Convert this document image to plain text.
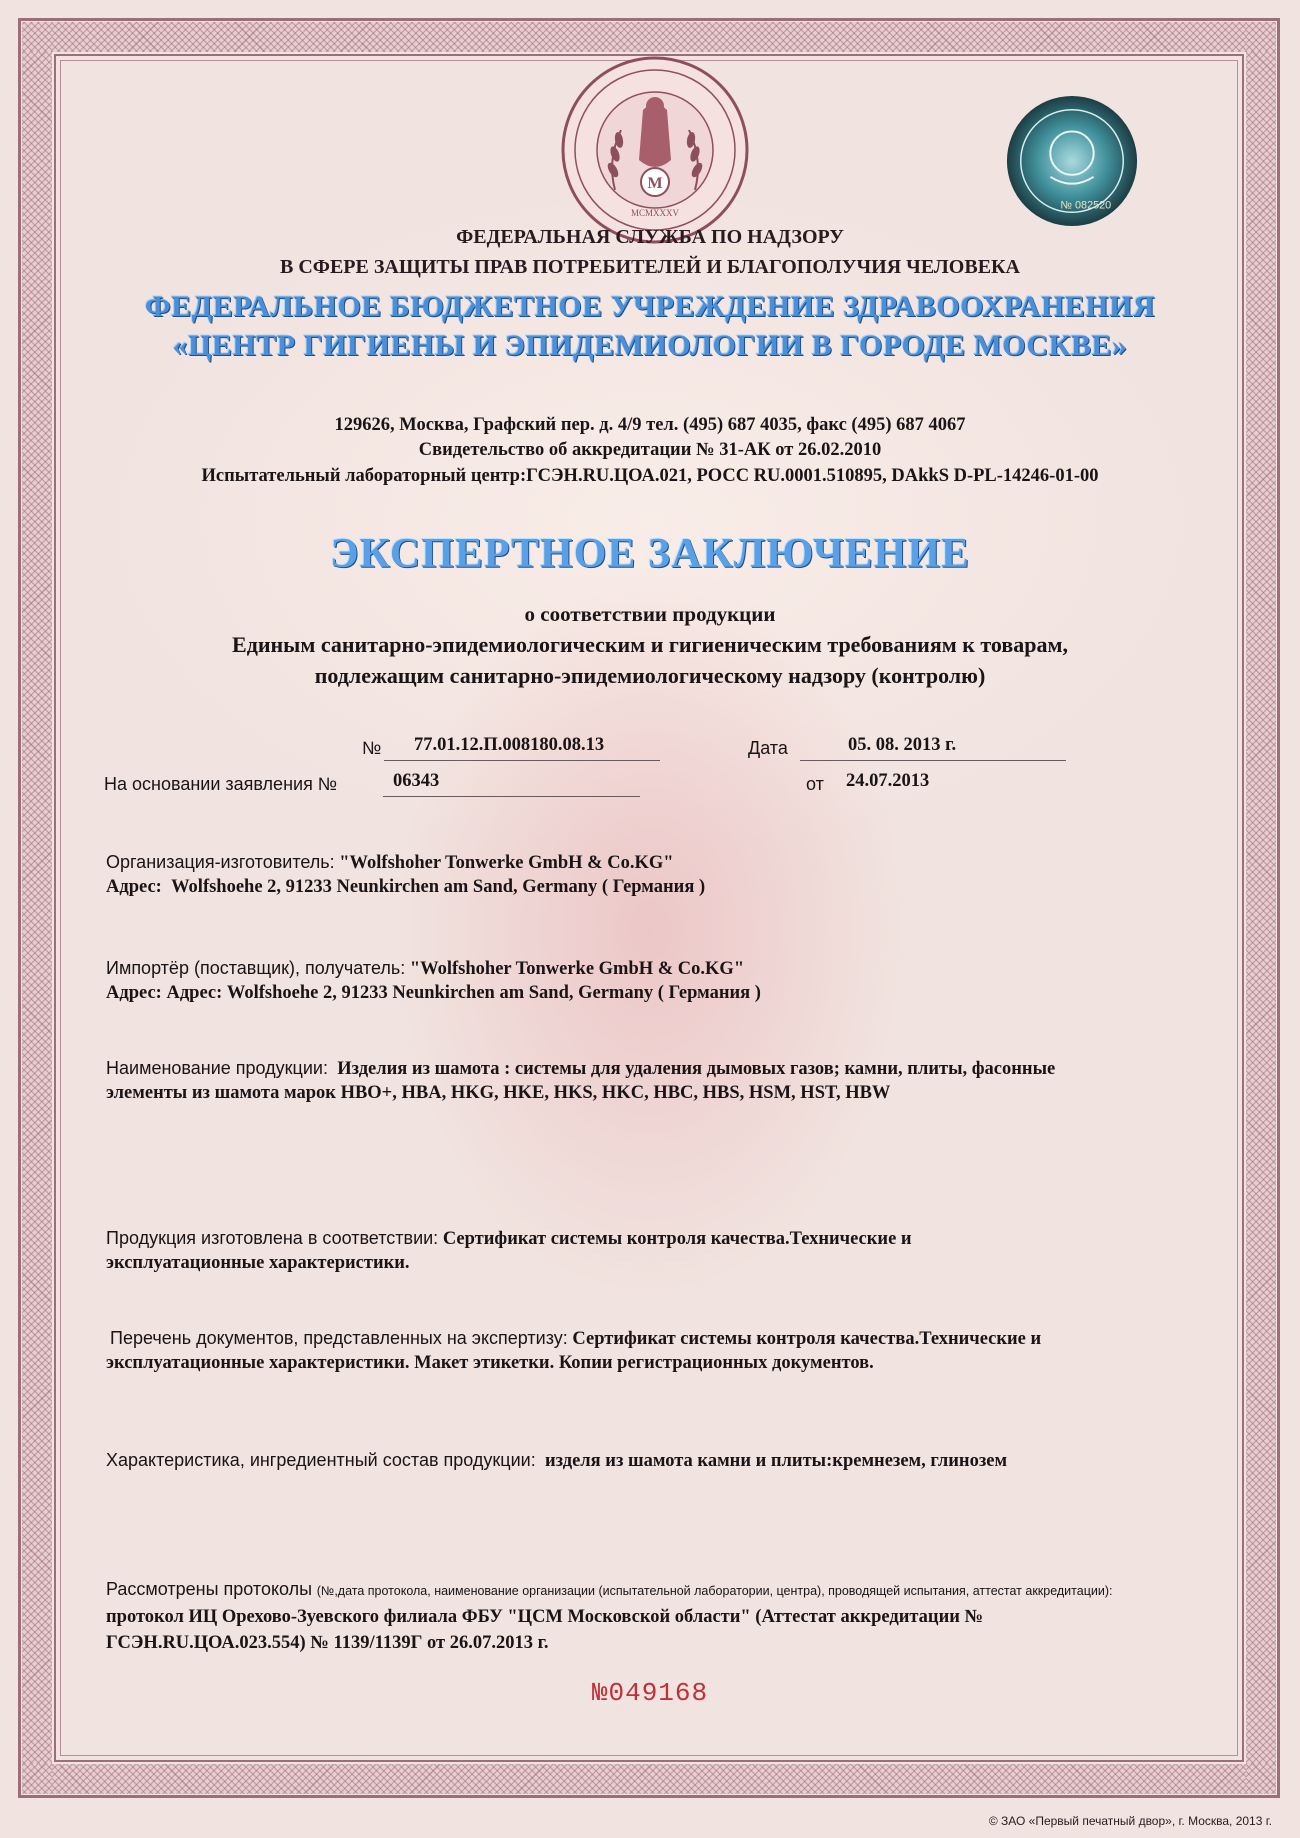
М
MCMXXXV
№ 082520
ФЕДЕРАЛЬНАЯ СЛУЖБА ПО НАДЗОРУ
В СФЕРЕ ЗАЩИТЫ ПРАВ ПОТРЕБИТЕЛЕЙ И БЛАГОПОЛУЧИЯ ЧЕЛОВЕКА
ФЕДЕРАЛЬНОЕ БЮДЖЕТНОЕ УЧРЕЖДЕНИЕ ЗДРАВООХРАНЕНИЯ
«ЦЕНТР ГИГИЕНЫ И ЭПИДЕМИОЛОГИИ В ГОРОДЕ МОСКВЕ»
129626, Москва, Графский пер. д. 4/9 тел. (495) 687 4035, факс (495) 687 4067
Свидетельство об аккредитации № 31-АК от 26.02.2010
Испытательный лабораторный центр:ГСЭН.RU.ЦОА.021, РОСС RU.0001.510895, DAkkS D-PL-14246-01-00
ЭКСПЕРТНОЕ ЗАКЛЮЧЕНИЕ
о соответствии продукции
Единым санитарно-эпидемиологическим и гигиеническим требованиям к товарам,
подлежащим санитарно-эпидемиологическому надзору (контролю)
№ 77.01.12.П.008180.08.13	Дата	05. 08. 2013 г.
На основании заявления №	06343	от 24.07.2013
Организация-изготовитель: "Wolfshoher Tonwerke GmbH & Co.KG"
Адрес: Wolfshoehe 2, 91233 Neunkirchen am Sand, Germany ( Германия )
Импортёр (поставщик), получатель: "Wolfshoher Tonwerke GmbH & Co.KG"
Адрес: Адрес: Wolfshoehe 2, 91233 Neunkirchen am Sand, Germany ( Германия )
Наименование продукции: Изделия из шамота : системы для удаления дымовых газов; камни, плиты, фасонные
элементы из шамота марок HBO+, HBA, HKG, HKE, HKS, HKC, HBC, HBS, HSM, HST, HBW
Продукция изготовлена в соответствии: Сертификат системы контроля качества.Технические и
эксплуатационные характеристики.
Перечень документов, представленных на экспертизу: Сертификат системы контроля качества.Технические и
эксплуатационные характеристики. Макет этикетки. Копии регистрационных документов.
Характеристика, ингредиентный состав продукции: изделя из шамота камни и плиты:кремнезем, глинозем
Рассмотрены протоколы (№,дата протокола, наименование организации (испытательной лаборатории, центра), проводящей испытания, аттестат аккредитации):
протокол ИЦ Орехово-Зуевского филиала ФБУ "ЦСМ Московской области" (Аттестат аккредитации №
ГСЭН.RU.ЦОА.023.554) № 1139/1139Г от 26.07.2013 г.
№049168
© ЗАО «Первый печатный двор», г. Москва, 2013 г.
